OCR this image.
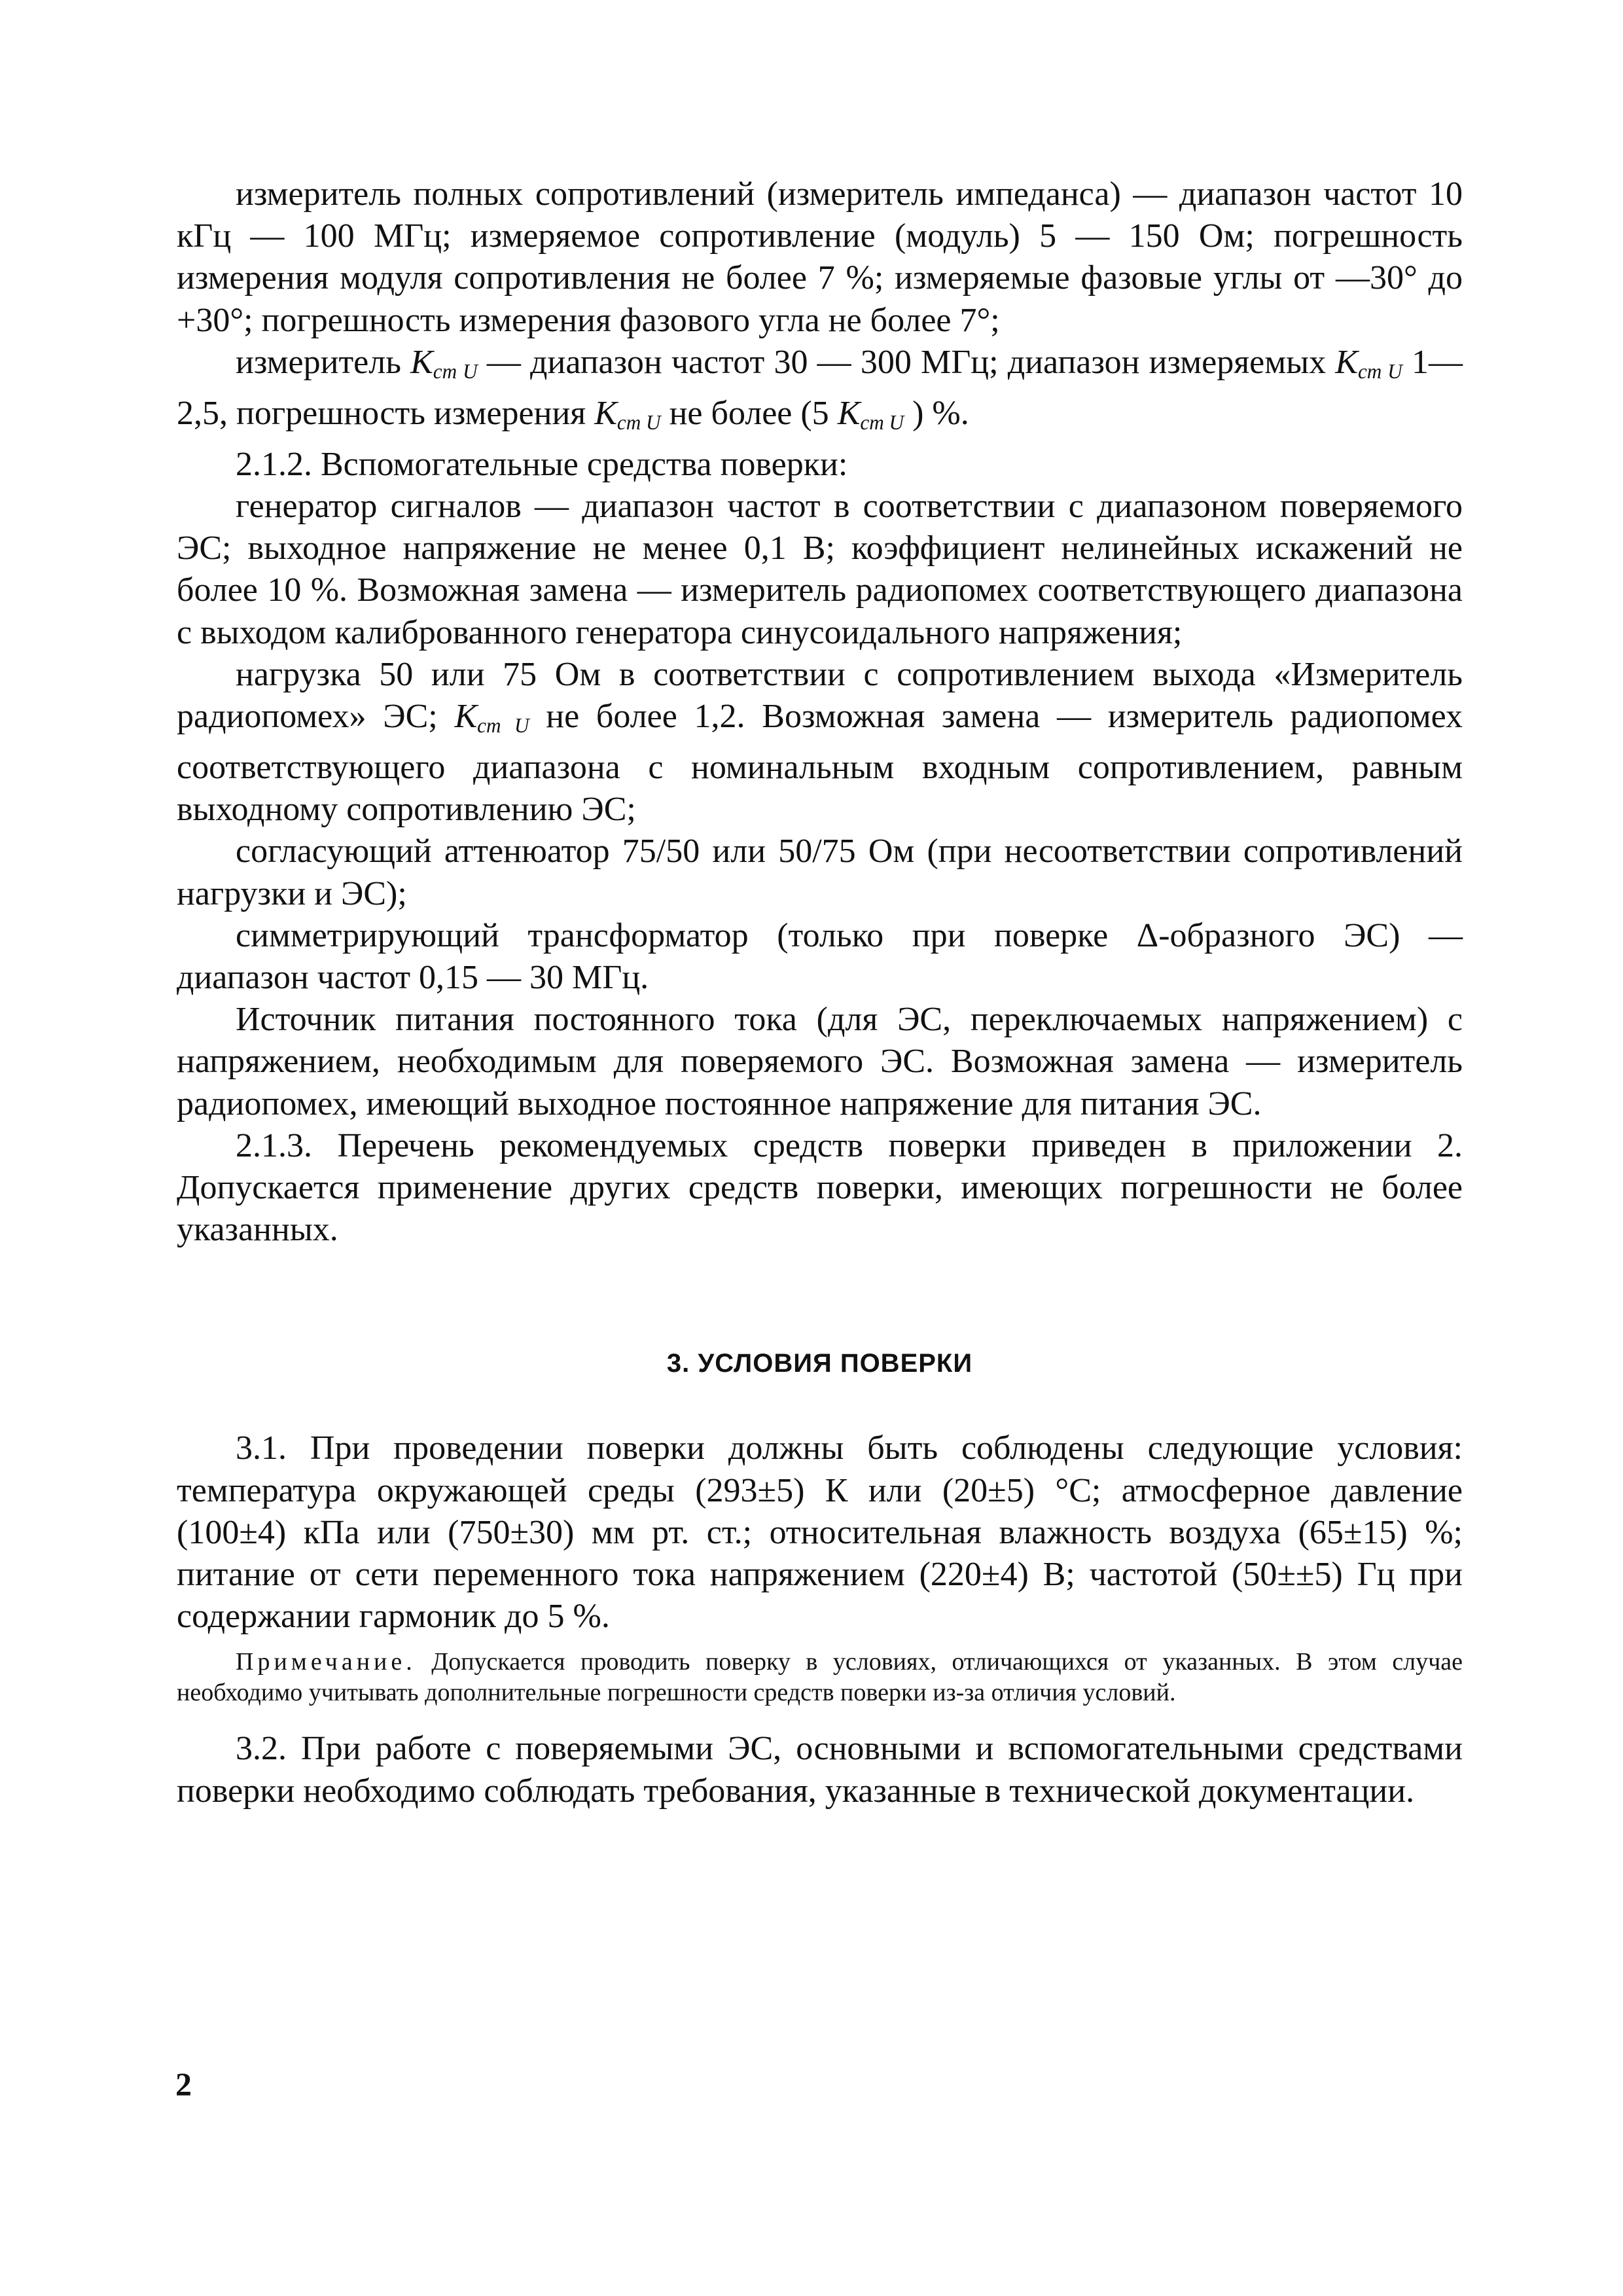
измеритель полных сопротивлений (измеритель импеданса) — диапазон частот 10 кГц — 100 МГц; измеряемое сопротивление (модуль) 5 — 150 Ом; погрешность измерения модуля сопротивления не более 7 %; измеряемые фазовые углы от —30° до +30°; погрешность измерения фазового угла не более 7°;

измеритель $K_{ст U}$ — диапазон частот 30 — 300 МГц; диапазон измеряемых $K_{ст U}$ 1—2,5, погрешность измерения $K_{ст U}$ не более (5 $K_{ст U}$ ) %.

2.1.2. Вспомогательные средства поверки:

генератор сигналов — диапазон частот в соответствии с диапазоном поверяемого ЭС; выходное напряжение не менее 0,1 В; коэффициент нелинейных искажений не более 10 %. Возможная замена — измеритель радиопомех соответствующего диапазона с выходом калиброванного генератора синусоидального напряжения;

нагрузка 50 или 75 Ом в соответствии с сопротивлением выхода «Измеритель радиопомех» ЭС; $K_{ст U}$ не более 1,2. Возможная замена — измеритель радиопомех соответствующего диапазона с номинальным входным сопротивлением, равным выходному сопротивлению ЭС;

согласующий аттенюатор 75/50 или 50/75 Ом (при несоответствии сопротивлений нагрузки и ЭС);

симметрирующий трансформатор (только при поверке Δ-образного ЭС) — диапазон частот 0,15 — 30 МГц.

Источник питания постоянного тока (для ЭС, переключаемых напряжением) с напряжением, необходимым для поверяемого ЭС. Возможная замена — измеритель радиопомех, имеющий выходное постоянное напряжение для питания ЭС.

2.1.3. Перечень рекомендуемых средств поверки приведен в приложении 2. Допускается применение других средств поверки, имеющих погрешности не более указанных.

3. УСЛОВИЯ ПОВЕРКИ

3.1. При проведении поверки должны быть соблюдены следующие условия: температура окружающей среды (293±5) К или (20±5) °С; атмосферное давление (100±4) кПа или (750±30) мм рт. ст.; относительная влажность воздуха (65±15) %; питание от сети переменного тока напряжением (220±4) В; частотой (50±±5) Гц при содержании гармоник до 5 %.

Примечание. Допускается проводить поверку в условиях, отличающихся от указанных. В этом случае необходимо учитывать дополнительные погрешности средств поверки из-за отличия условий.

3.2. При работе с поверяемыми ЭС, основными и вспомогательными средствами поверки необходимо соблюдать требования, указанные в технической документации.

2
